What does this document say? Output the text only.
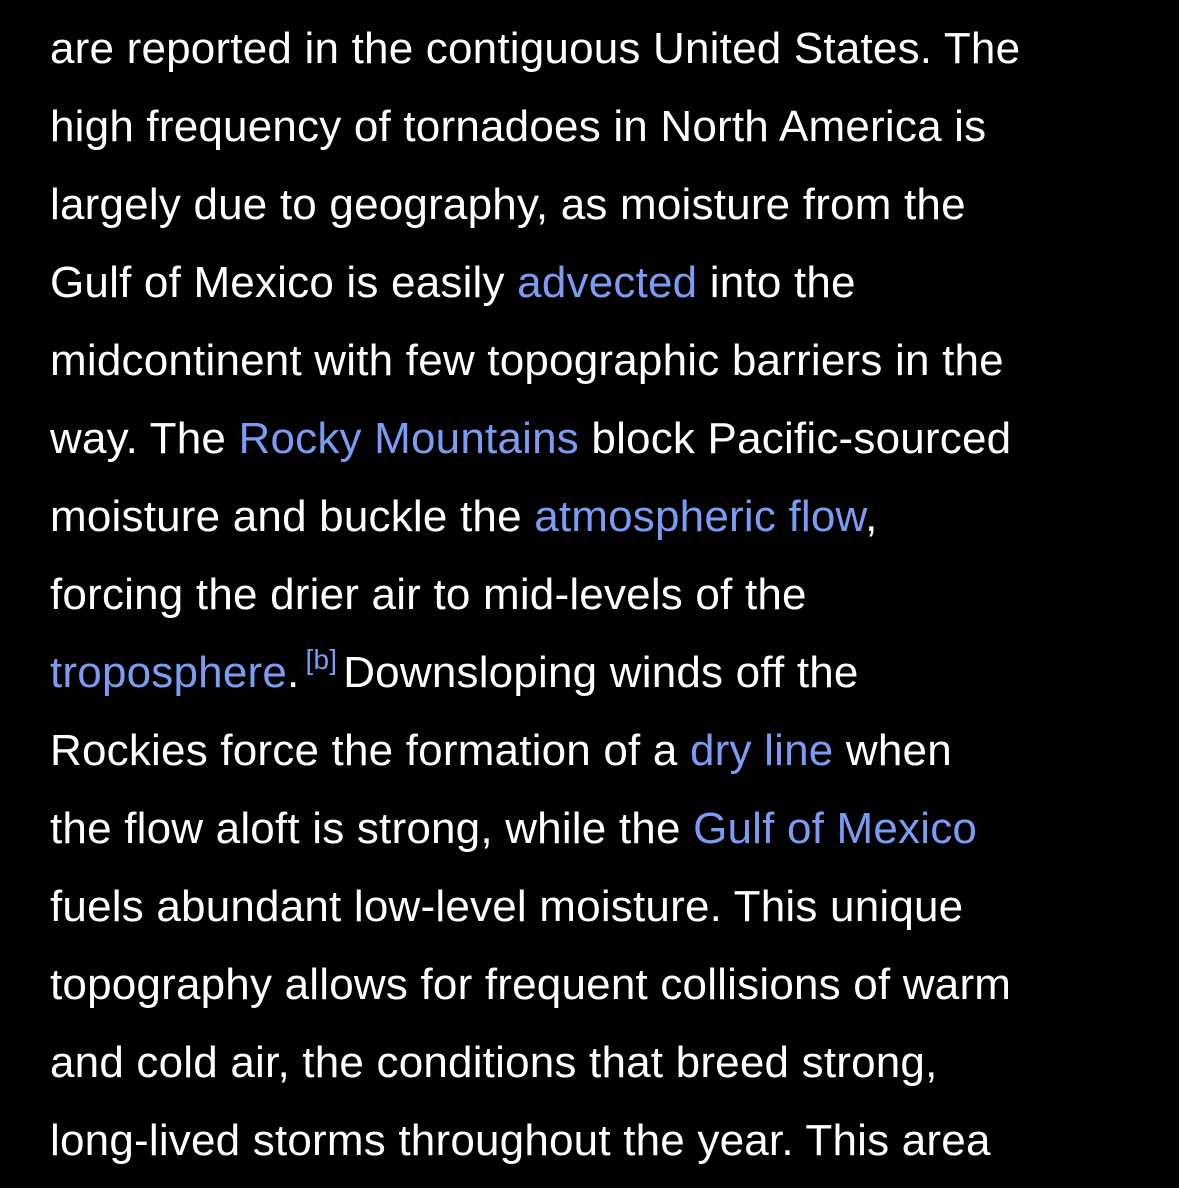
are reported in the contiguous United States. The
high frequency of tornadoes in North America is
largely due to geography, as moisture from the
Gulf of Mexico is easily advected into the
midcontinent with few topographic barriers in the
way. The Rocky Mountains block Pacific-sourced
moisture and buckle the atmospheric flow,
forcing the drier air to mid-levels of the
troposphere. [b] Downsloping winds off the
Rockies force the formation of a dry line when
the flow aloft is strong, while the Gulf of Mexico
fuels abundant low-level moisture. This unique
topography allows for frequent collisions of warm
and cold air, the conditions that breed strong,
long-lived storms throughout the year. This area
